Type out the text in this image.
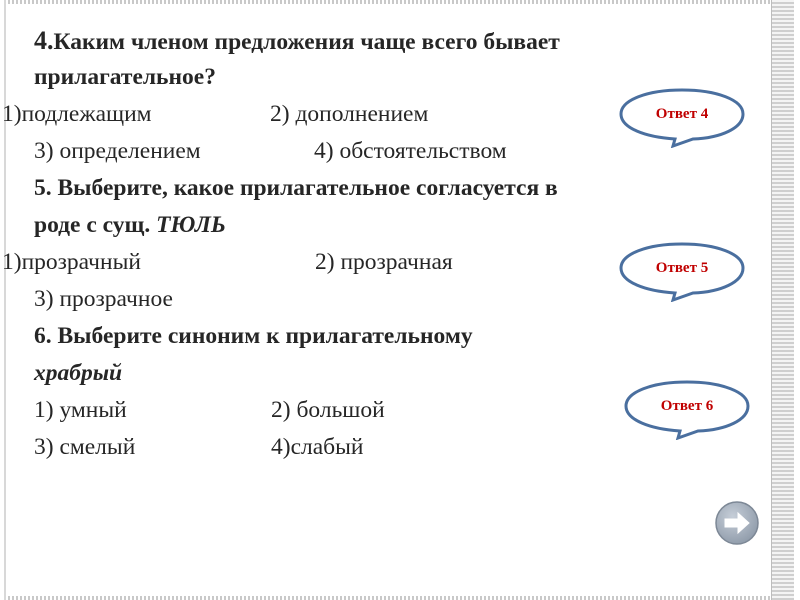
4.Каким членом предложения чаще всего бывает
прилагательное?
1)подлежащим	2) дополнением
3) определением	4) обстоятельством
5. Выберите, какое прилагательное согласуется в
роде с сущ. ТЮЛЬ
1)прозрачный	2) прозрачная
3) прозрачное
6. Выберите синоним к прилагательному
храбрый
1) умный	2) большой
3) смелый	4)слабый
Ответ 4
Ответ 5
Ответ 6
